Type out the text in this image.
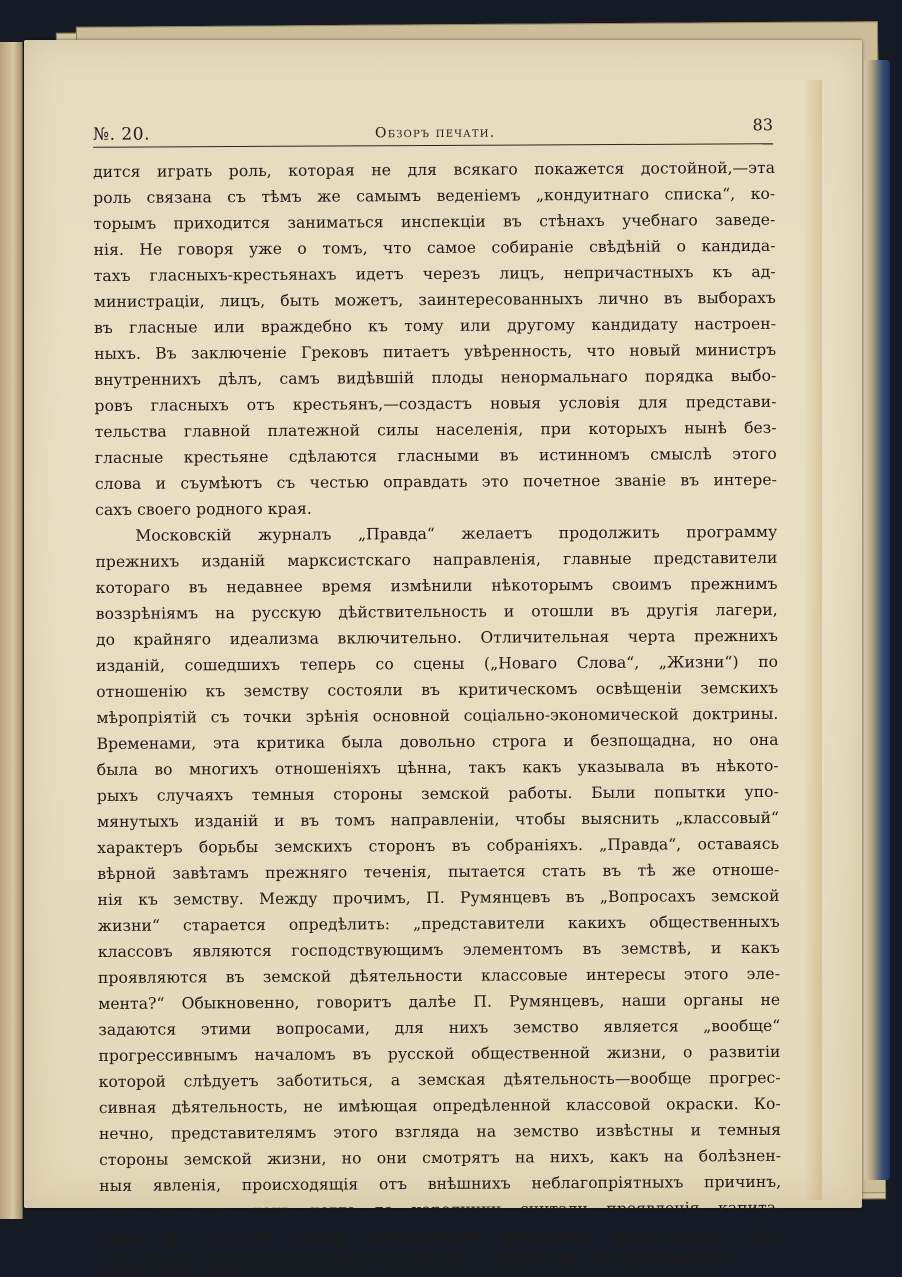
№. 20.	Обзоръ печати.	83
дится играть роль, которая не для всякаго покажется достойной,—эта
роль связана съ тѣмъ же самымъ веденіемъ „кондуитнаго списка“, ко-
торымъ приходится заниматься инспекціи въ стѣнахъ учебнаго заведе-
нія. Не говоря уже о томъ, что самое собираніе свѣдѣній о кандида-
тахъ гласныхъ-крестьянахъ идетъ черезъ лицъ, непричастныхъ къ ад-
министраціи, лицъ, быть можетъ, заинтересованныхъ лично въ выборахъ
въ гласные или враждебно къ тому или другому кандидату настроен-
ныхъ. Въ заключеніе Грековъ питаетъ увѣренность, что новый министръ
внутреннихъ дѣлъ, самъ видѣвшій плоды ненормальнаго порядка выбо-
ровъ гласныхъ отъ крестьянъ,—создастъ новыя условія для представи-
тельства главной платежной силы населенія, при которыхъ нынѣ без-
гласные крестьяне сдѣлаются гласными въ истинномъ смыслѣ этого
слова и съумѣютъ съ честью оправдать это почетное званіе въ интере-
сахъ своего родного края.
Московскій журналъ „Правда“ желаетъ продолжить программу
прежнихъ изданій марксистскаго направленія, главные представители
котораго въ недавнее время измѣнили нѣкоторымъ своимъ прежнимъ
воззрѣніямъ на русскую дѣйствительность и отошли въ другія лагери,
до крайняго идеализма включительно. Отличительная черта прежнихъ
изданій, сошедшихъ теперь со сцены („Новаго Слова“, „Жизни“) по
отношенію къ земству состояли въ критическомъ освѣщеніи земскихъ
мѣропріятій съ точки зрѣнія основной соціально-экономической доктрины.
Временами, эта критика была довольно строга и безпощадна, но она
была во многихъ отношеніяхъ цѣнна, такъ какъ указывала въ нѣкото-
рыхъ случаяхъ темныя стороны земской работы. Были попытки упо-
мянутыхъ изданій и въ томъ направленіи, чтобы выяснить „классовый“
характеръ борьбы земскихъ сторонъ въ собраніяхъ. „Правда“, оставаясь
вѣрной завѣтамъ прежняго теченія, пытается стать въ тѣ же отноше-
нія къ земству. Между прочимъ, П. Румянцевъ въ „Вопросахъ земской
жизни“ старается опредѣлить: „представители какихъ общественныхъ
классовъ являются господствующимъ элементомъ въ земствѣ, и какъ
проявляются въ земской дѣятельности классовые интересы этого эле-
мента?“ Обыкновенно, говоритъ далѣе П. Румянцевъ, наши органы не
задаются этими вопросами, для нихъ земство является „вообще“
прогрессивнымъ началомъ въ русской общественной жизни, о развитіи
которой слѣдуетъ заботиться, а земская дѣятельность—вообще прогрес-
сивная дѣятельность, не имѣющая опредѣленной классовой окраски. Ко-
нечно, представителямъ этого взгляда на земство извѣстны и темныя
стороны земской жизни, но они смотрятъ на нихъ, какъ на болѣзнен-
ныя явленія, происходящія отъ внѣшнихъ неблагопріятныхъ причинъ,
точь въ точь, какъ когда то народники считали проявленія капита-
лизма въ русской жизни болѣзненнымъ наростомъ, искусственно при-
виваемымъ здоровому народному организму“. Широкому распространенію
